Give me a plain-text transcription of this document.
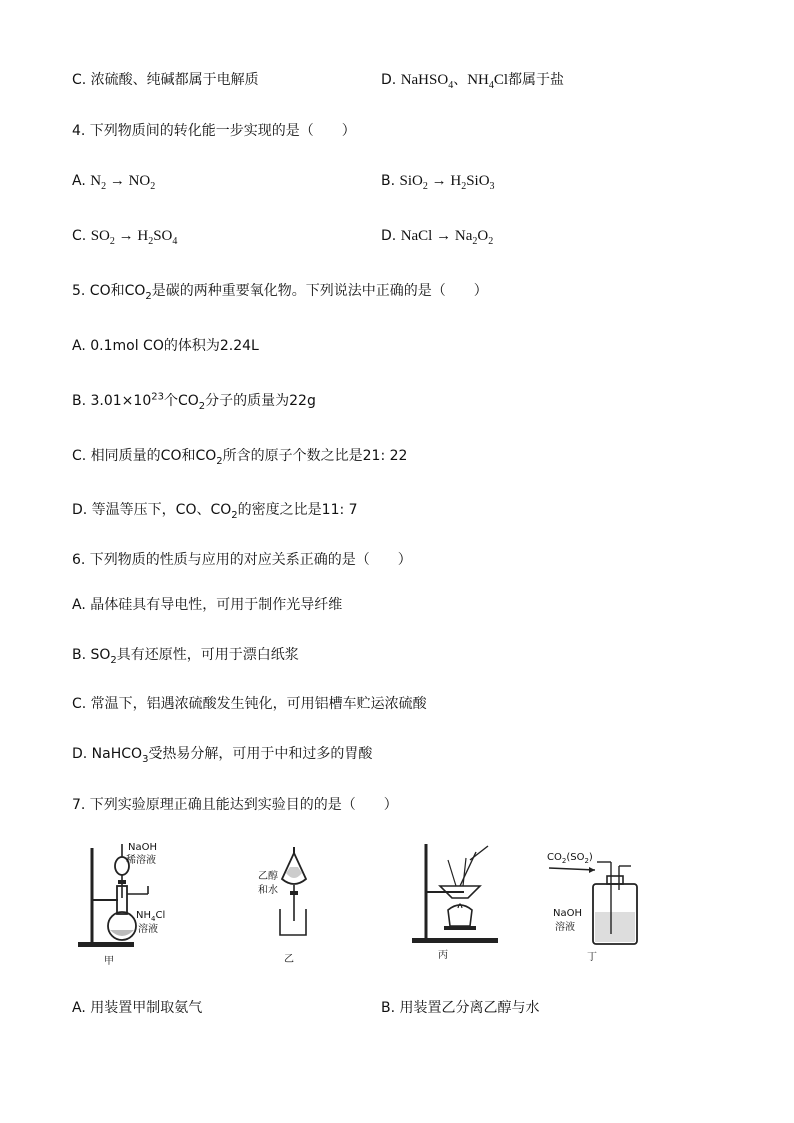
C. 浓硫酸、纯碱都属于电解质	D. NaHSO$_4$、$NH_4Cl$都属于盐
4. 下列物质间的转化能一步实现的是（　　）
A. $N_2 \to NO_2$	B. $SiO_2 \to H_2SiO_3$
C. $SO_2 \to H_2SO_4$	D. NaCl → $Na_2O_2$
5. CO和$CO_2$是碳的两种重要氧化物。下列说法中正确的是（　　）
A. 0.1mol CO的体积为2.24L
B. $3.01\times 10^{23}$个$CO_2$分子的质量为22g
C. 相同质量的CO和$CO_2$所含的原子个数之比是21: 22
D. 等温等压下，CO、$CO_2$的密度之比是11: 7
6. 下列物质的性质与应用的对应关系正确的是（　　）
A. 晶体硅具有导电性，可用于制作光导纤维
B. $SO_2$具有还原性，可用于漂白纸浆
C. 常温下，铝遇浓硫酸发生钝化，可用铝槽车贮运浓硫酸
D. NaHCO$_3$受热易分解，可用于中和过多的胃酸
7. 下列实验原理正确且能达到实验目的的是（　　）
NaOH
稀溶液
$NH_4Cl$
溶液
甲
乙醇
和水
乙	丙
$CO_2(SO_2)$
NaOH
溶液
丁
A. 用装置甲制取氨气	B. 用装置乙分离乙醇与水
